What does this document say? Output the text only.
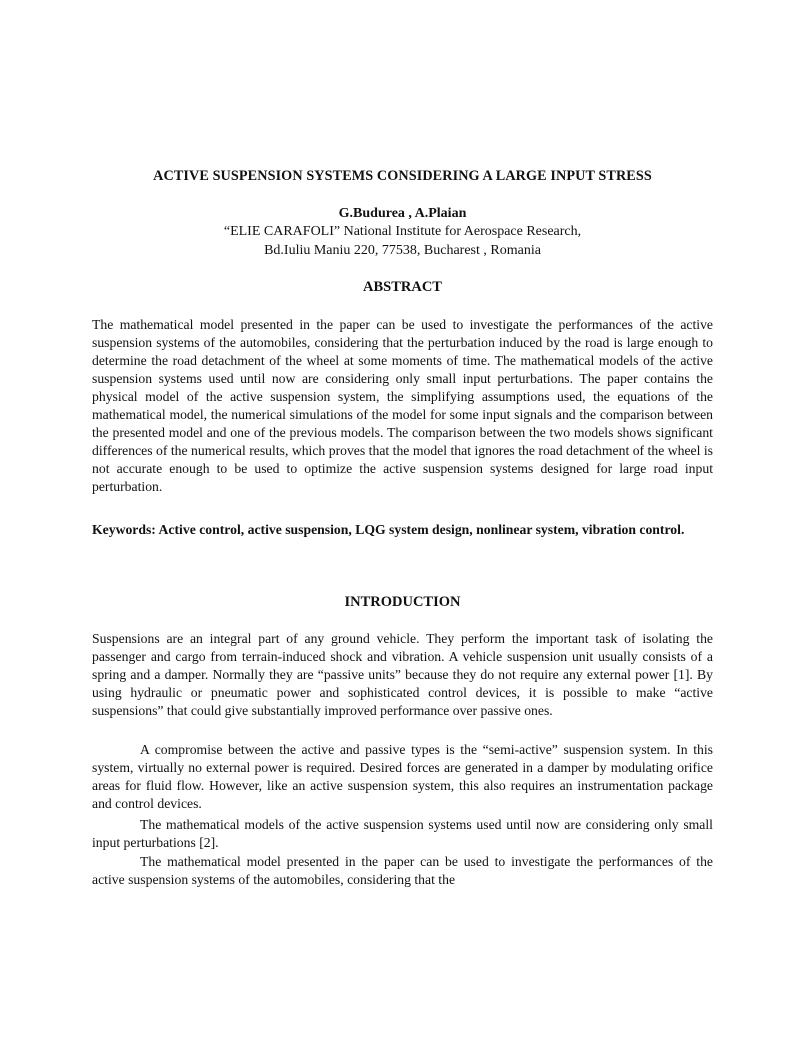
ACTIVE SUSPENSION SYSTEMS CONSIDERING A LARGE INPUT STRESS
G.Budurea , A.Plaian
“ELIE CARAFOLI” National Institute for Aerospace Research,
Bd.Iuliu Maniu 220, 77538, Bucharest , Romania
ABSTRACT
The mathematical model presented in the paper can be used to investigate the performances of the active suspension systems of the automobiles, considering that the perturbation induced by the road is large enough to determine the road detachment of the wheel at some moments of time. The mathematical models of the active suspension systems used until now are considering only small input perturbations. The paper contains the physical model of the active suspension system, the simplifying assumptions used, the equations of the mathematical model, the numerical simulations of the model for some input signals and the comparison between the presented model and one of the previous models. The comparison between the two models shows significant differences of the numerical results, which proves that the model that ignores the road detachment of the wheel is not accurate enough to be used to optimize the active suspension systems designed for large road input perturbation.
Keywords: Active control, active suspension, LQG system design, nonlinear system, vibration control.
INTRODUCTION
Suspensions are an integral part of any ground vehicle. They perform the important task of isolating the passenger and cargo from terrain-induced shock and vibration. A vehicle suspension unit usually consists of a spring and a damper. Normally they are “passive units” because they do not require any external power [1]. By using hydraulic or pneumatic power and sophisticated control devices, it is possible to make “active suspensions” that could give substantially improved performance over passive ones.
A compromise between the active and passive types is the “semi-active” suspension system. In this system, virtually no external power is required. Desired forces are generated in a damper by modulating orifice areas for fluid flow. However, like an active suspension system, this also requires an instrumentation package and control devices.
The mathematical models of the active suspension systems used until now are considering only small input perturbations [2].
The mathematical model presented in the paper can be used to investigate the performances of the active suspension systems of the automobiles, considering that the
